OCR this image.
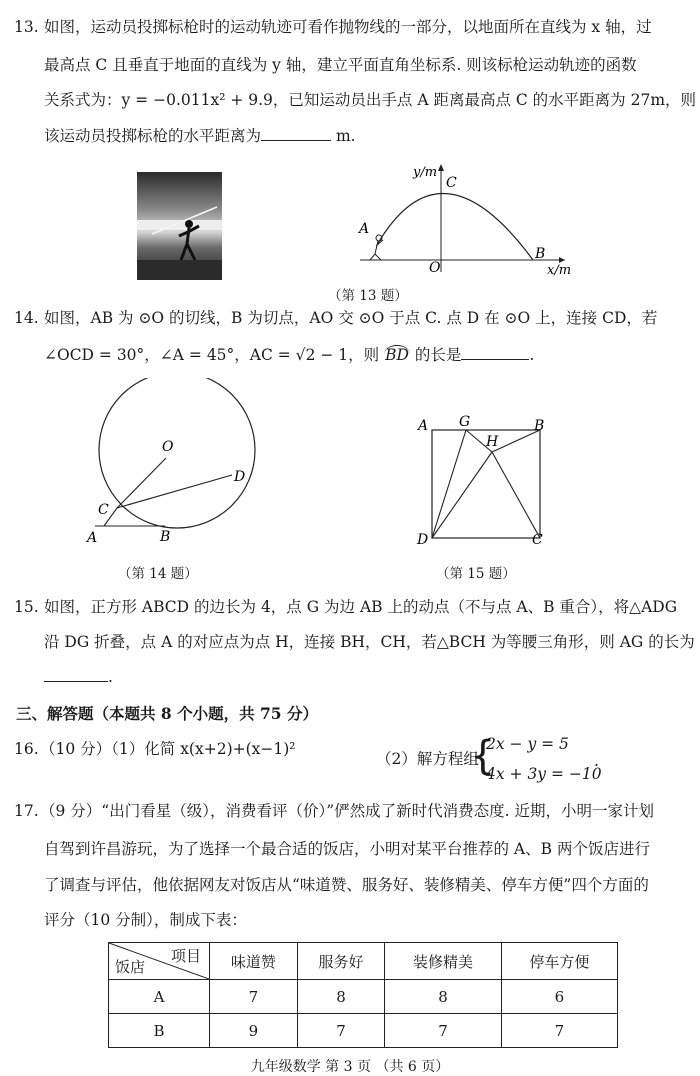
13. 如图，运动员投掷标枪时的运动轨迹可看作抛物线的一部分，以地面所在直线为 x 轴，过
最高点 C 且垂直于地面的直线为 y 轴，建立平面直角坐标系. 则该标枪运动轨迹的函数
关系式为：y = −0.011x² + 9.9，已知运动员出手点 A 距离最高点 C 的水平距离为 27m，则
该运动员投掷标枪的水平距离为	m.
y/m
x/m
C
A
B
O
（第 13 题）
14. 如图，AB 为 ⊙O 的切线，B 为切点，AO 交 ⊙O 于点 C. 点 D 在 ⊙O 上，连接 CD，若
∠OCD = 30°，∠A = 45°，AC = √2 − 1，则 BD 的长是	.
O
C
D
A	B
（第 14 题）
A G	B
H
D	C
（第 15 题）
15. 如图，正方形 ABCD 的边长为 4，点 G 为边 AB 上的动点（不与点 A、B 重合），将△ADG
沿 DG 折叠，点 A 的对应点为点 H，连接 BH，CH，若△BCH 为等腰三角形，则 AG 的长为
.
三、解答题（本题共 8 个小题，共 75 分）
16. （10 分）（1）化简 x(x+2)+(x−1)²
（2）解方程组
{
2x − y = 5
4x + 3y = −10
.
17. （9 分）“出门看星（级），消费看评（价）”俨然成了新时代消费态度. 近期，小明一家计划
自驾到许昌游玩，为了选择一个最合适的饭店，小明对某平台推荐的 A、B 两个饭店进行
了调查与评估，他依据网友对饭店从“味道赞、服务好、装修精美、停车方便”四个方面的
评分（10 分制），制成下表：
项目
饭店	味道赞	服务好	装修精美	停车方便
A	7	8	8	6
B	9	7	7	7
九年级数学 第 3 页 （共 6 页）
